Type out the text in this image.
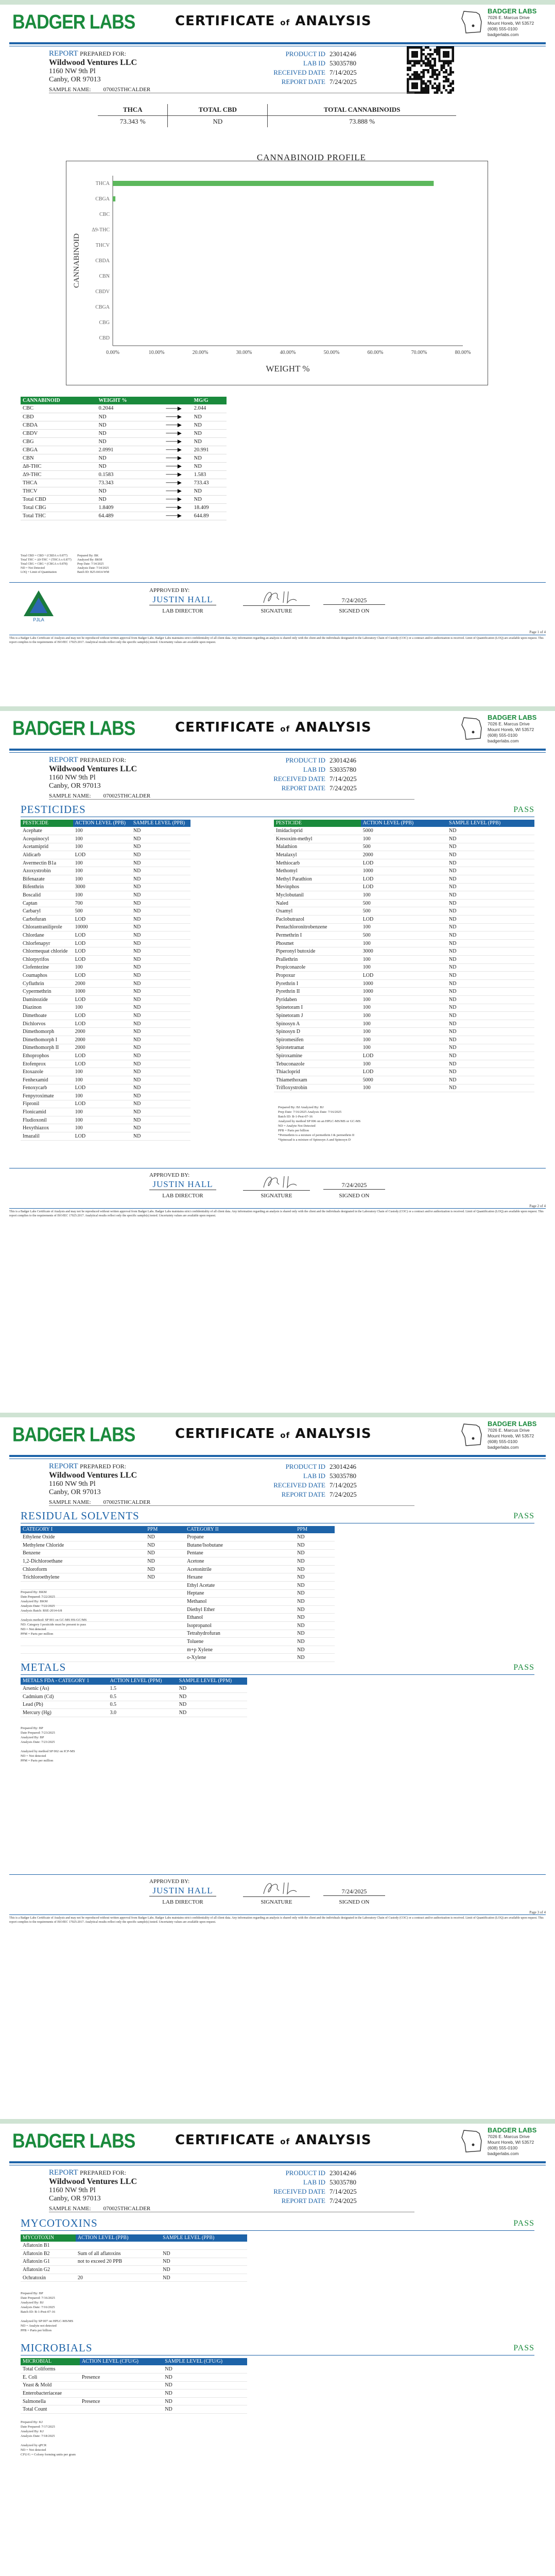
BADGER LABS	CERTIFICATE of ANALYSIS
BADGER LABS
7026 E. Marcus Drive
Mount Horeb, WI 53572
(608) 555-0100
badgerlabs.com
REPORT PREPARED FOR:
Wildwood Ventures LLC
1160 NW 9th Pl
Canby, OR 97013
PRODUCT ID 23014246
LAB ID 53035780
RECEIVED DATE 7/14/2025
REPORT DATE 7/24/2025
SAMPLE NAME: 070025THCALDER
THCA	TOTAL CBD	TOTAL CANNABINOIDS
73.343 %	ND	73.888 %
CANNABINOID PROFILE
0.00%	10.00%	20.00%	30.00%	40.00%	50.00%	60.00%	70.00%	80.00%
THCA
CBGA
CBC
Δ9-THC
THCV
CBDA
CBN
CBDV
CBGA
CBG
CBD
CANNABINOID
WEIGHT %
CANNABINOID	WEIGHT %		MG/G
CBC	0.2044	───▶	2.044
CBD	ND	───▶	ND
CBDA	ND	───▶	ND
CBDV	ND	───▶	ND
CBG	ND	───▶	ND
CBGA	2.0991	───▶	20.991
CBN	ND	───▶	ND
Δ8-THC	ND	───▶	ND
Δ9-THC	0.1583	───▶	1.583
THCA	73.343	───▶	733.43
THCV	ND	───▶	ND
Total CBD	ND	───▶	ND
Total CBG	1.8409	───▶	18.409
Total THC	64.489	───▶	644.89
Total CBD = CBD + (CBDA x 0.877)
Total THC = Δ9-THC + (THCA x 0.877)
Total CBG = CBG + (CBGA x 0.878)
ND = Not Detected
LOQ = Limit of Quantitation
Prepared By: BK
Analyzed By: BKM
Prep Date: 7/14/2025
Analysis Date: 7/14/2025
Batch ID: B25-0414-WM
PJLA
APPROVED BY:
JUSTIN HALL
LAB DIRECTOR	SIGNATURE
7/24/2025
SIGNED ON
Page 1 of 4
This is a Badger Labs Certificate of Analysis and may not be reproduced without written approval from Badger Labs. Badger Labs maintains strict confidentiality of all client data. Any information regarding an analysis is shared only with the client and the individuals designated in the Laboratory Chain of Custody (COC) or a contract and/or authorization is received. Limit of Quantification (LOQ) are available upon request. This report complies to the requirements of ISO/IEC 17025:2017. Analytical results reflect only the specific sample(s) tested. Uncertainty values are available upon request.
BADGER LABS	CERTIFICATE of ANALYSIS
BADGER LABS
7026 E. Marcus Drive
Mount Horeb, WI 53572
(608) 555-0100
badgerlabs.com
REPORT PREPARED FOR:
Wildwood Ventures LLC
1160 NW 9th Pl
Canby, OR 97013
PRODUCT ID 23014246
LAB ID 53035780
RECEIVED DATE 7/14/2025
REPORT DATE 7/24/2025
SAMPLE NAME: 070025THCALDER
PESTICIDES	PASS
PESTICIDE	ACTION LEVEL (PPB)	SAMPLE LEVEL (PPB)
Acephate	100	ND
Acequinocyl	100	ND
Acetamiprid	100	ND
Aldicarb	LOD	ND
Avermectin B1a	100	ND
Azoxystrobin	100	ND
Bifenazate	100	ND
Bifenthrin	3000	ND
Boscalid	100	ND
Captan	700	ND
Carbaryl	500	ND
Carbofuran	LOD	ND
Chlorantraniliprole	10000	ND
Chlordane	LOD	ND
Chlorfenapyr	LOD	ND
Chlormequat chloride	LOD	ND
Chlorpyrifos	LOD	ND
Clofentezine	100	ND
Coumaphos	LOD	ND
Cyfluthrin	2000	ND
Cypermethrin	1000	ND
Daminozide	LOD	ND
Diazinon	100	ND
Dimethoate	LOD	ND
Dichlorvos	LOD	ND
Dimethomorph	2000	ND
Dimethomorph I	2000	ND
Dimethomorph II	2000	ND
Ethoprophos	LOD	ND
Etofenprox	LOD	ND
Etoxazole	100	ND
Fenhexamid	100	ND
Fenoxycarb	LOD	ND
Fenpyroximate	100	ND
Fipronil	LOD	ND
Flonicamid	100	ND
Fludioxonil	100	ND
Hexythiazox	100	ND
Imazalil	LOD	ND
PESTICIDE	ACTION LEVEL (PPB)	SAMPLE LEVEL (PPB)
Imidacloprid	5000	ND
Kresoxim-methyl	100	ND
Malathion	500	ND
Metalaxyl	2000	ND
Methiocarb	LOD	ND
Methomyl	1000	ND
Methyl Parathion	LOD	ND
Mevinphos	LOD	ND
Myclobutanil	100	ND
Naled	500	ND
Oxamyl	500	ND
Paclobutrazol	LOD	ND
Pentachloronitrobenzene	100	ND
Permethrin I	500	ND
Phosmet	100	ND
Piperonyl butoxide	3000	ND
Prallethrin	100	ND
Propiconazole	100	ND
Propoxur	LOD	ND
Pyrethrin I	1000	ND
Pyrethrin II	1000	ND
Pyridaben	100	ND
Spinetoram I	100	ND
Spinetoram J	100	ND
Spinosyn A	100	ND
Spinosyn D	100	ND
Spiromesifen	100	ND
Spirotetramat	100	ND
Spiroxamine	LOD	ND
Tebuconazole	100	ND
Thiacloprid	LOD	ND
Thiamethoxam	5000	ND
Trifloxystrobin	100	ND
Prepared By: BJ Analyzed By: BJ
Prep Date: 7/16/2025 Analysis Date: 7/16/2025
Batch ID: B-1-Pest-07-16
Analyzed by method SP 006 on an HPLC-MS/MS or GC-MS
ND = Analyte Not Detected
PPB = Parts per billion
*Permethrin is a mixture of permethrin I & permethrin II
*Spinosad is a mixture of Spinosyn A and Spinosyn D
APPROVED BY:
JUSTIN HALL
LAB DIRECTOR	SIGNATURE
7/24/2025
SIGNED ON
Page 2 of 4
This is a Badger Labs Certificate of Analysis and may not be reproduced without written approval from Badger Labs. Badger Labs maintains strict confidentiality of all client data. Any information regarding an analysis is shared only with the client and the individuals designated in the Laboratory Chain of Custody (COC) or a contract and/or authorization is received. Limit of Quantification (LOQ) are available upon request. This report complies to the requirements of ISO/IEC 17025:2017. Analytical results reflect only the specific sample(s) tested. Uncertainty values are available upon request.
BADGER LABS	CERTIFICATE of ANALYSIS
BADGER LABS
7026 E. Marcus Drive
Mount Horeb, WI 53572
(608) 555-0100
badgerlabs.com
REPORT PREPARED FOR:
Wildwood Ventures LLC
1160 NW 9th Pl
Canby, OR 97013
PRODUCT ID 23014246
LAB ID 53035780
RECEIVED DATE 7/14/2025
REPORT DATE 7/24/2025
SAMPLE NAME: 070025THCALDER
RESIDUAL SOLVENTS	PASS
CATEGORY I	PPM	CATEGORY II	PPM
Ethylene Oxide	ND	Propane	ND
Methylene Chloride	ND	Butane/Isobutane	ND
Benzene	ND	Pentane	ND
1,2-Dichloroethane	ND	Acetone	ND
Chloroform	ND	Acetonitrile	ND
Trichloroethylene	ND	Hexane	ND
		Ethyl Acetate	ND
		Heptane	ND
		Methanol	ND
		Diethyl Ether	ND
		Ethanol	ND
		Isopropanol	ND
		Tetrahydrofuran	ND
		Toluene	ND
		m+p Xylene	ND
		o-Xylene	ND
Prepared By: BKM
Date Prepared: 7/22/2025
Analyzed By: BKM
Analysis Date: 7/22/2025
Analysis Batch: RSE-2014-6/8

Analysis method: SP 001 on GC-MS HS-GC/MS
ND: Category I pesticide must be present to pass
ND = Not detected
PPM = Parts per million
METALS	PASS
METALS FDA - CATEGORY 1	ACTION LEVEL (PPM)	SAMPLE LEVEL (PPM)
Arsenic (As)	1.5	ND
Cadmium (Cd)	0.5	ND
Lead (Pb)	0.5	ND
Mercury (Hg)	3.0	ND
Prepared By: BP
Date Prepared: 7/23/2025
Analyzed By: BP
Analysis Date: 7/23/2025

Analyzed by method SP 002 on ICP-MS
ND = Not detected
PPM = Parts per million
APPROVED BY:
JUSTIN HALL
LAB DIRECTOR	SIGNATURE
7/24/2025
SIGNED ON
Page 3 of 4
This is a Badger Labs Certificate of Analysis and may not be reproduced without written approval from Badger Labs. Badger Labs maintains strict confidentiality of all client data. Any information regarding an analysis is shared only with the client and the individuals designated in the Laboratory Chain of Custody (COC) or a contract and/or authorization is received. Limit of Quantification (LOQ) are available upon request. This report complies to the requirements of ISO/IEC 17025:2017. Analytical results reflect only the specific sample(s) tested. Uncertainty values are available upon request.
BADGER LABS	CERTIFICATE of ANALYSIS
BADGER LABS
7026 E. Marcus Drive
Mount Horeb, WI 53572
(608) 555-0100
badgerlabs.com
REPORT PREPARED FOR:
Wildwood Ventures LLC
1160 NW 9th Pl
Canby, OR 97013
PRODUCT ID 23014246
LAB ID 53035780
RECEIVED DATE 7/14/2025
REPORT DATE 7/24/2025
SAMPLE NAME: 070025THCALDER
MYCOTOXINS	PASS
MYCOTOXIN	ACTION LEVEL (PPB)	SAMPLE LEVEL (PPB)
Aflatoxin B1		
Aflatoxin B2	Sum of all aflatoxins	ND
Aflatoxin G1	not to exceed 20 PPB	ND
Aflatoxin G2		ND
Ochratoxin	20	ND
Prepared By: BP
Date Prepared: 7/16/2025
Analyzed By: BJ
Analysis Date: 7/16/2025
Batch ID: B-1-Pest-07-16

Analyzed by SP 007 on HPLC-MS/MS
ND = Analyte not detected
PPB = Parts per billion
MICROBIALS	PASS
MICROBIAL	ACTION LEVEL (CFU/G)	SAMPLE LEVEL (CFU/G)
Total Coliforms		ND
E. Coli	Presence	ND
Yeast & Mold		ND
Enterobacteriaceae		ND
Salmonella	Presence	ND
Total Count		ND
Prepared By: KJ
Date Prepared: 7/17/2025
Analyzed By: KJ
Analysis Date: 7/18/2025

Analyzed by qPCR
ND = Not detected
CFU/G = Colony forming units per gram
